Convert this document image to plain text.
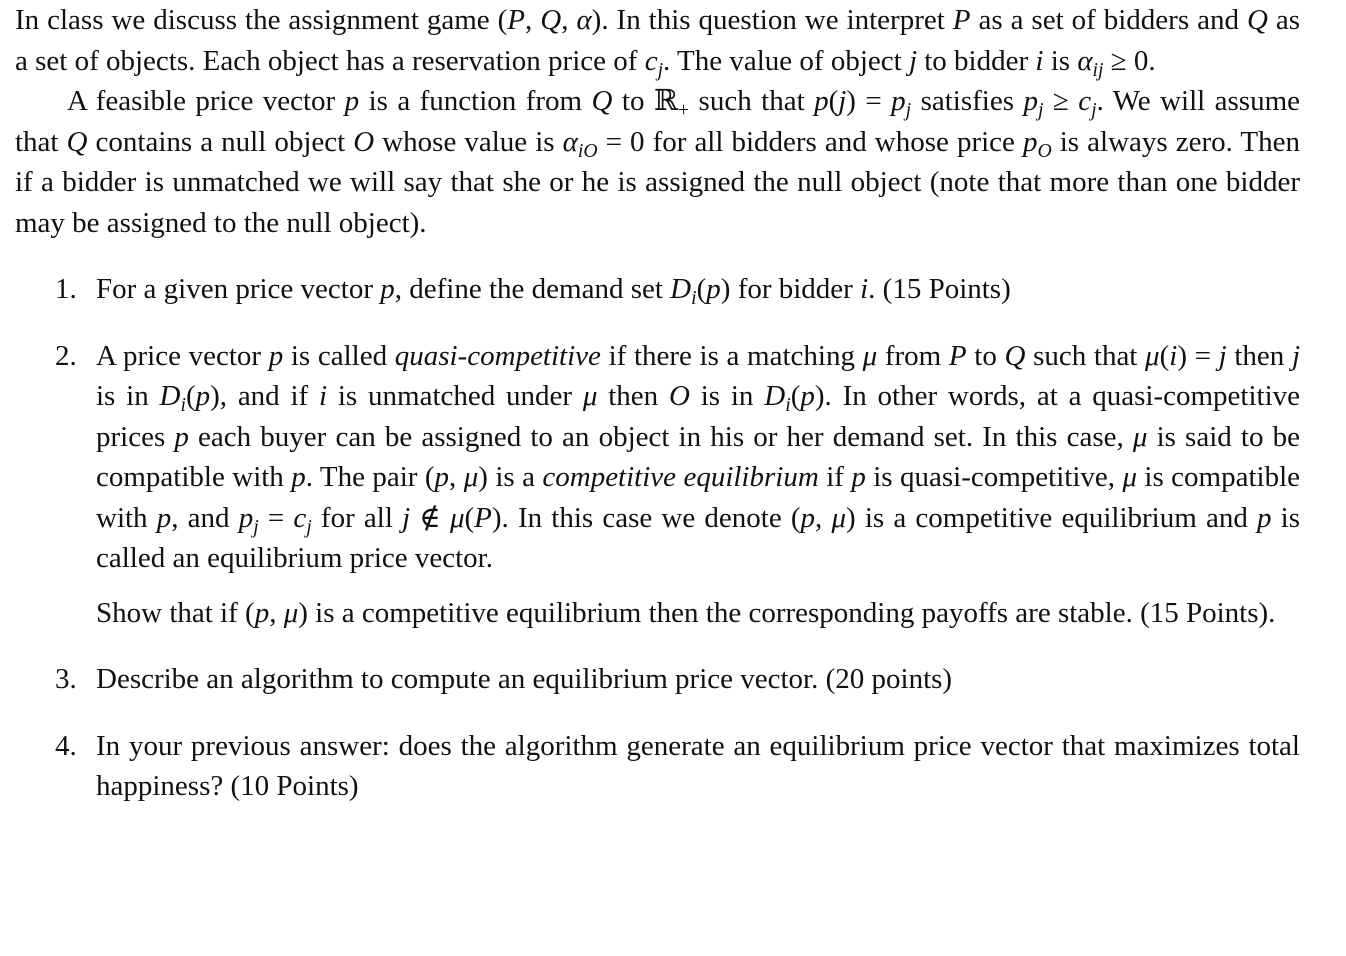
In class we discuss the assignment game (P, Q, α). In this question we interpret P as a set of bidders and Q as a set of objects. Each object has a reservation price of $c_j$. The value of object j to bidder i is $\alpha_{ij} \ge 0$.

A feasible price vector p is a function from Q to ℝ$_+$ such that $p(j) = p_j$ satisfies $p_j \ge c_j$. We will assume that Q contains a null object O whose value is $\alpha_{iO} = 0$ for all bidders and whose price $p_O$ is always zero. Then if a bidder is unmatched we will say that she or he is assigned the null object (note that more than one bidder may be assigned to the null object).

1. For a given price vector p, define the demand set $D_i(p)$ for bidder i. (15 Points)

2. A price vector p is called quasi-competitive if there is a matching μ from P to Q such that μ(i) = j then j is in $D_i(p)$, and if i is unmatched under μ then O is in $D_i(p)$. In other words, at a quasi-competitive prices p each buyer can be assigned to an object in his or her demand set. In this case, μ is said to be compatible with p. The pair (p, μ) is a competitive equilibrium if p is quasi-competitive, μ is compatible with p, and $p_j = c_j$ for all j ∉ μ(P). In this case we denote (p, μ) is a competitive equilibrium and p is called an equilibrium price vector.

Show that if (p, μ) is a competitive equilibrium then the corresponding payoffs are stable. (15 Points).

3. Describe an algorithm to compute an equilibrium price vector. (20 points)

4. In your previous answer: does the algorithm generate an equilibrium price vector that maximizes total happiness? (10 Points)
